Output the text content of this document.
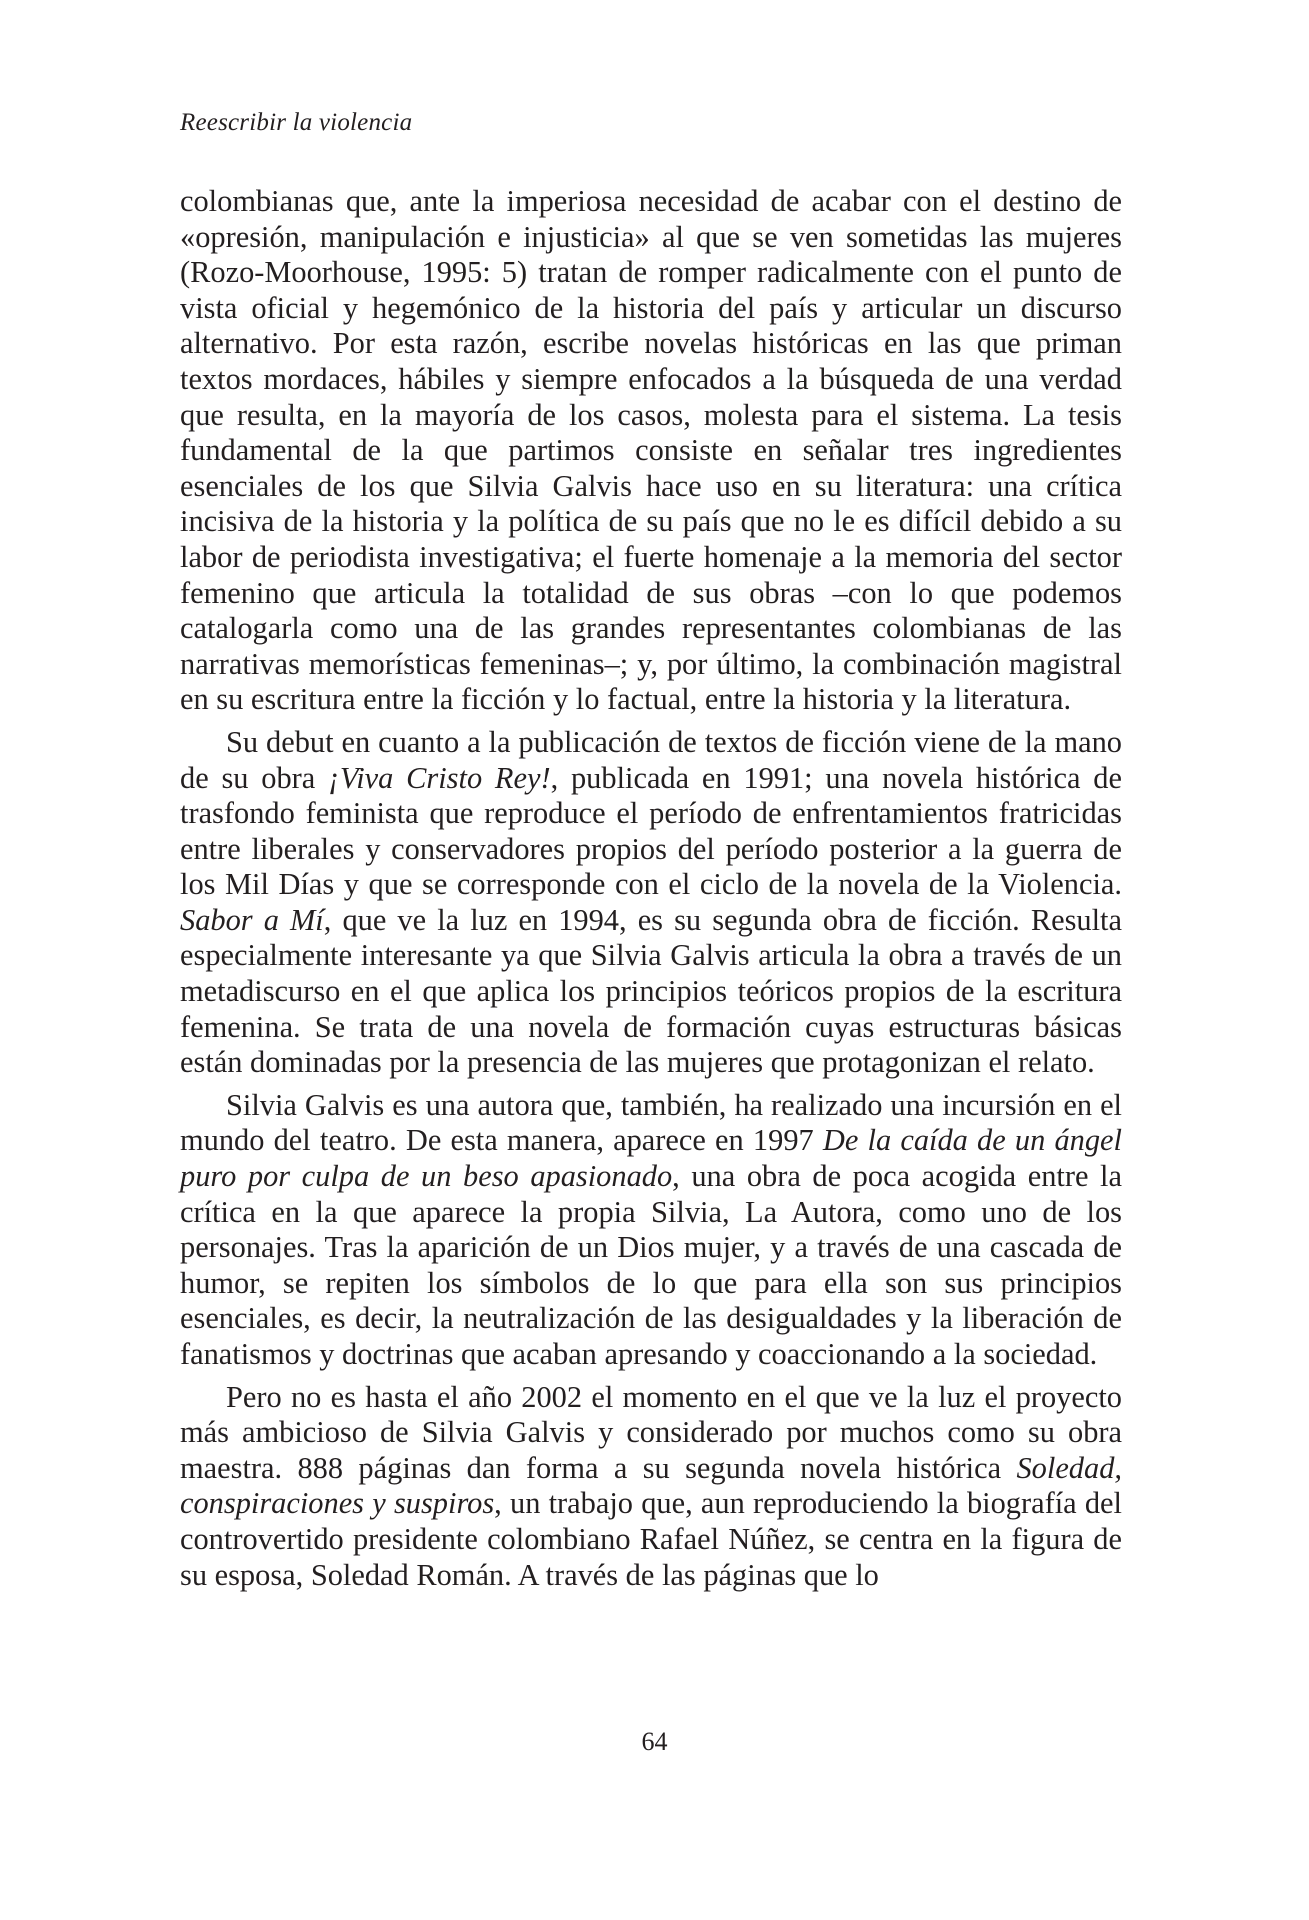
Reescribir la violencia

colombianas que, ante la imperiosa necesidad de acabar con el destino de «opresión, manipulación e injusticia» al que se ven sometidas las mujeres (Rozo-Moorhouse, 1995: 5) tratan de romper radicalmente con el punto de vista oficial y hegemónico de la historia del país y articular un discurso alternativo. Por esta razón, escribe novelas históricas en las que priman textos mordaces, hábiles y siempre enfocados a la búsqueda de una verdad que resulta, en la mayoría de los casos, molesta para el sistema. La tesis fundamental de la que partimos consiste en señalar tres ingredientes esenciales de los que Silvia Galvis hace uso en su literatura: una crítica incisiva de la historia y la política de su país que no le es difícil debido a su labor de periodista investigativa; el fuerte homenaje a la memoria del sector femenino que articula la totalidad de sus obras –con lo que podemos catalogarla como una de las grandes representantes colombianas de las narrativas memorísticas femeninas–; y, por último, la combinación magistral en su escritura entre la ficción y lo factual, entre la historia y la literatura.

Su debut en cuanto a la publicación de textos de ficción viene de la mano de su obra ¡Viva Cristo Rey!, publicada en 1991; una novela histórica de trasfondo feminista que reproduce el período de enfrentamientos fratricidas entre liberales y conservadores propios del período posterior a la guerra de los Mil Días y que se corresponde con el ciclo de la novela de la Violencia. Sabor a Mí, que ve la luz en 1994, es su segunda obra de ficción. Resulta especialmente interesante ya que Silvia Galvis articula la obra a través de un metadiscurso en el que aplica los principios teóricos propios de la escritura femenina. Se trata de una novela de formación cuyas estructuras básicas están dominadas por la presencia de las mujeres que protagonizan el relato.

Silvia Galvis es una autora que, también, ha realizado una incursión en el mundo del teatro. De esta manera, aparece en 1997 De la caída de un ángel puro por culpa de un beso apasionado, una obra de poca acogida entre la crítica en la que aparece la propia Silvia, La Autora, como uno de los personajes. Tras la aparición de un Dios mujer, y a través de una cascada de humor, se repiten los símbolos de lo que para ella son sus principios esenciales, es decir, la neutralización de las desigualdades y la liberación de fanatismos y doctrinas que acaban apresando y coaccionando a la sociedad.

Pero no es hasta el año 2002 el momento en el que ve la luz el proyecto más ambicioso de Silvia Galvis y considerado por muchos como su obra maestra. 888 páginas dan forma a su segunda novela histórica Soledad, conspiraciones y suspiros, un trabajo que, aun reproduciendo la biografía del controvertido presidente colombiano Rafael Núñez, se centra en la figura de su esposa, Soledad Román. A través de las páginas que lo

64
